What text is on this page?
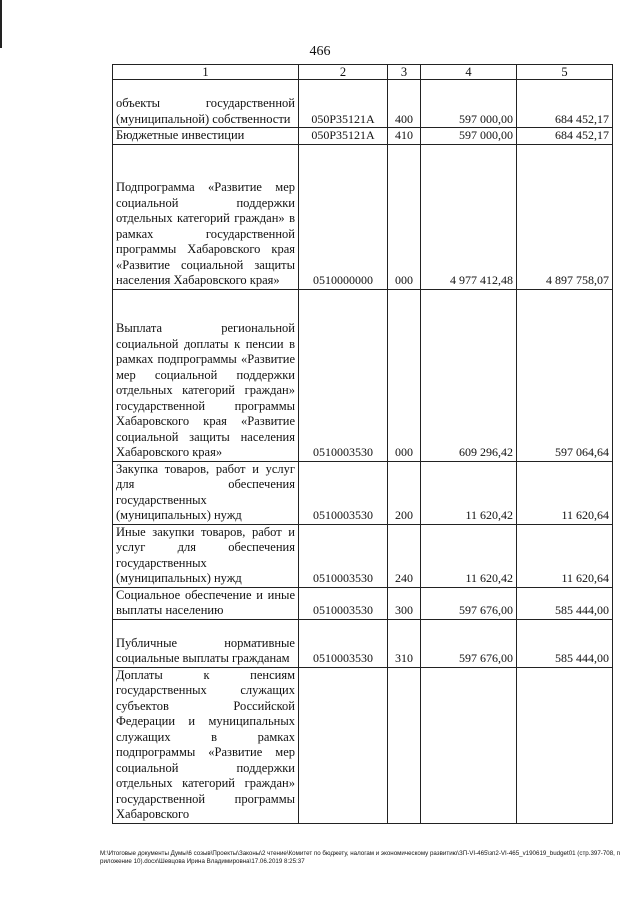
466
1	2	3	4	5
объекты государственной (муниципальной) собственности	050P35121A	400	597 000,00	684 452,17
Бюджетные инвестиции	050P35121A	410	597 000,00	684 452,17
Подпрограмма «Развитие мер социальной поддержки отдельных категорий граждан» в рамках государственной программы Хабаровского края «Развитие социальной защиты населения Хабаровского края»	0510000000	000	4 977 412,48	4 897 758,07
Выплата региональной социальной доплаты к пенсии в рамках подпрограммы «Развитие мер социальной поддержки отдельных категорий граждан» государственной программы Хабаровского края «Развитие социальной защиты населения Хабаровского края»	0510003530	000	609 296,42	597 064,64
Закупка товаров, работ и услуг для обеспечения государственных (муниципальных) нужд	0510003530	200	11 620,42	11 620,64
Иные закупки товаров, работ и услуг для обеспечения государственных (муниципальных) нужд	0510003530	240	11 620,42	11 620,64
Социальное обеспечение и иные выплаты населению	0510003530	300	597 676,00	585 444,00
Публичные нормативные социальные выплаты гражданам	0510003530	310	597 676,00	585 444,00
Доплаты к пенсиям государственных служащих субъектов Российской Федерации и муниципальных служащих в рамках подпрограммы «Развитие мер социальной поддержки отдельных категорий граждан» государственной программы Хабаровского				
M:\Итоговые документы Думы\6 созыв\Проекты\Законы\2 чтение\Комитет по бюджету, налогам и экономическому развитию\ЗП-VI-465\зп2-VI-465_v190619_budget01 (стр.397-708, приложение 10).docx\Шевцова Ирина Владимировна\17.06.2019 8:25:37
